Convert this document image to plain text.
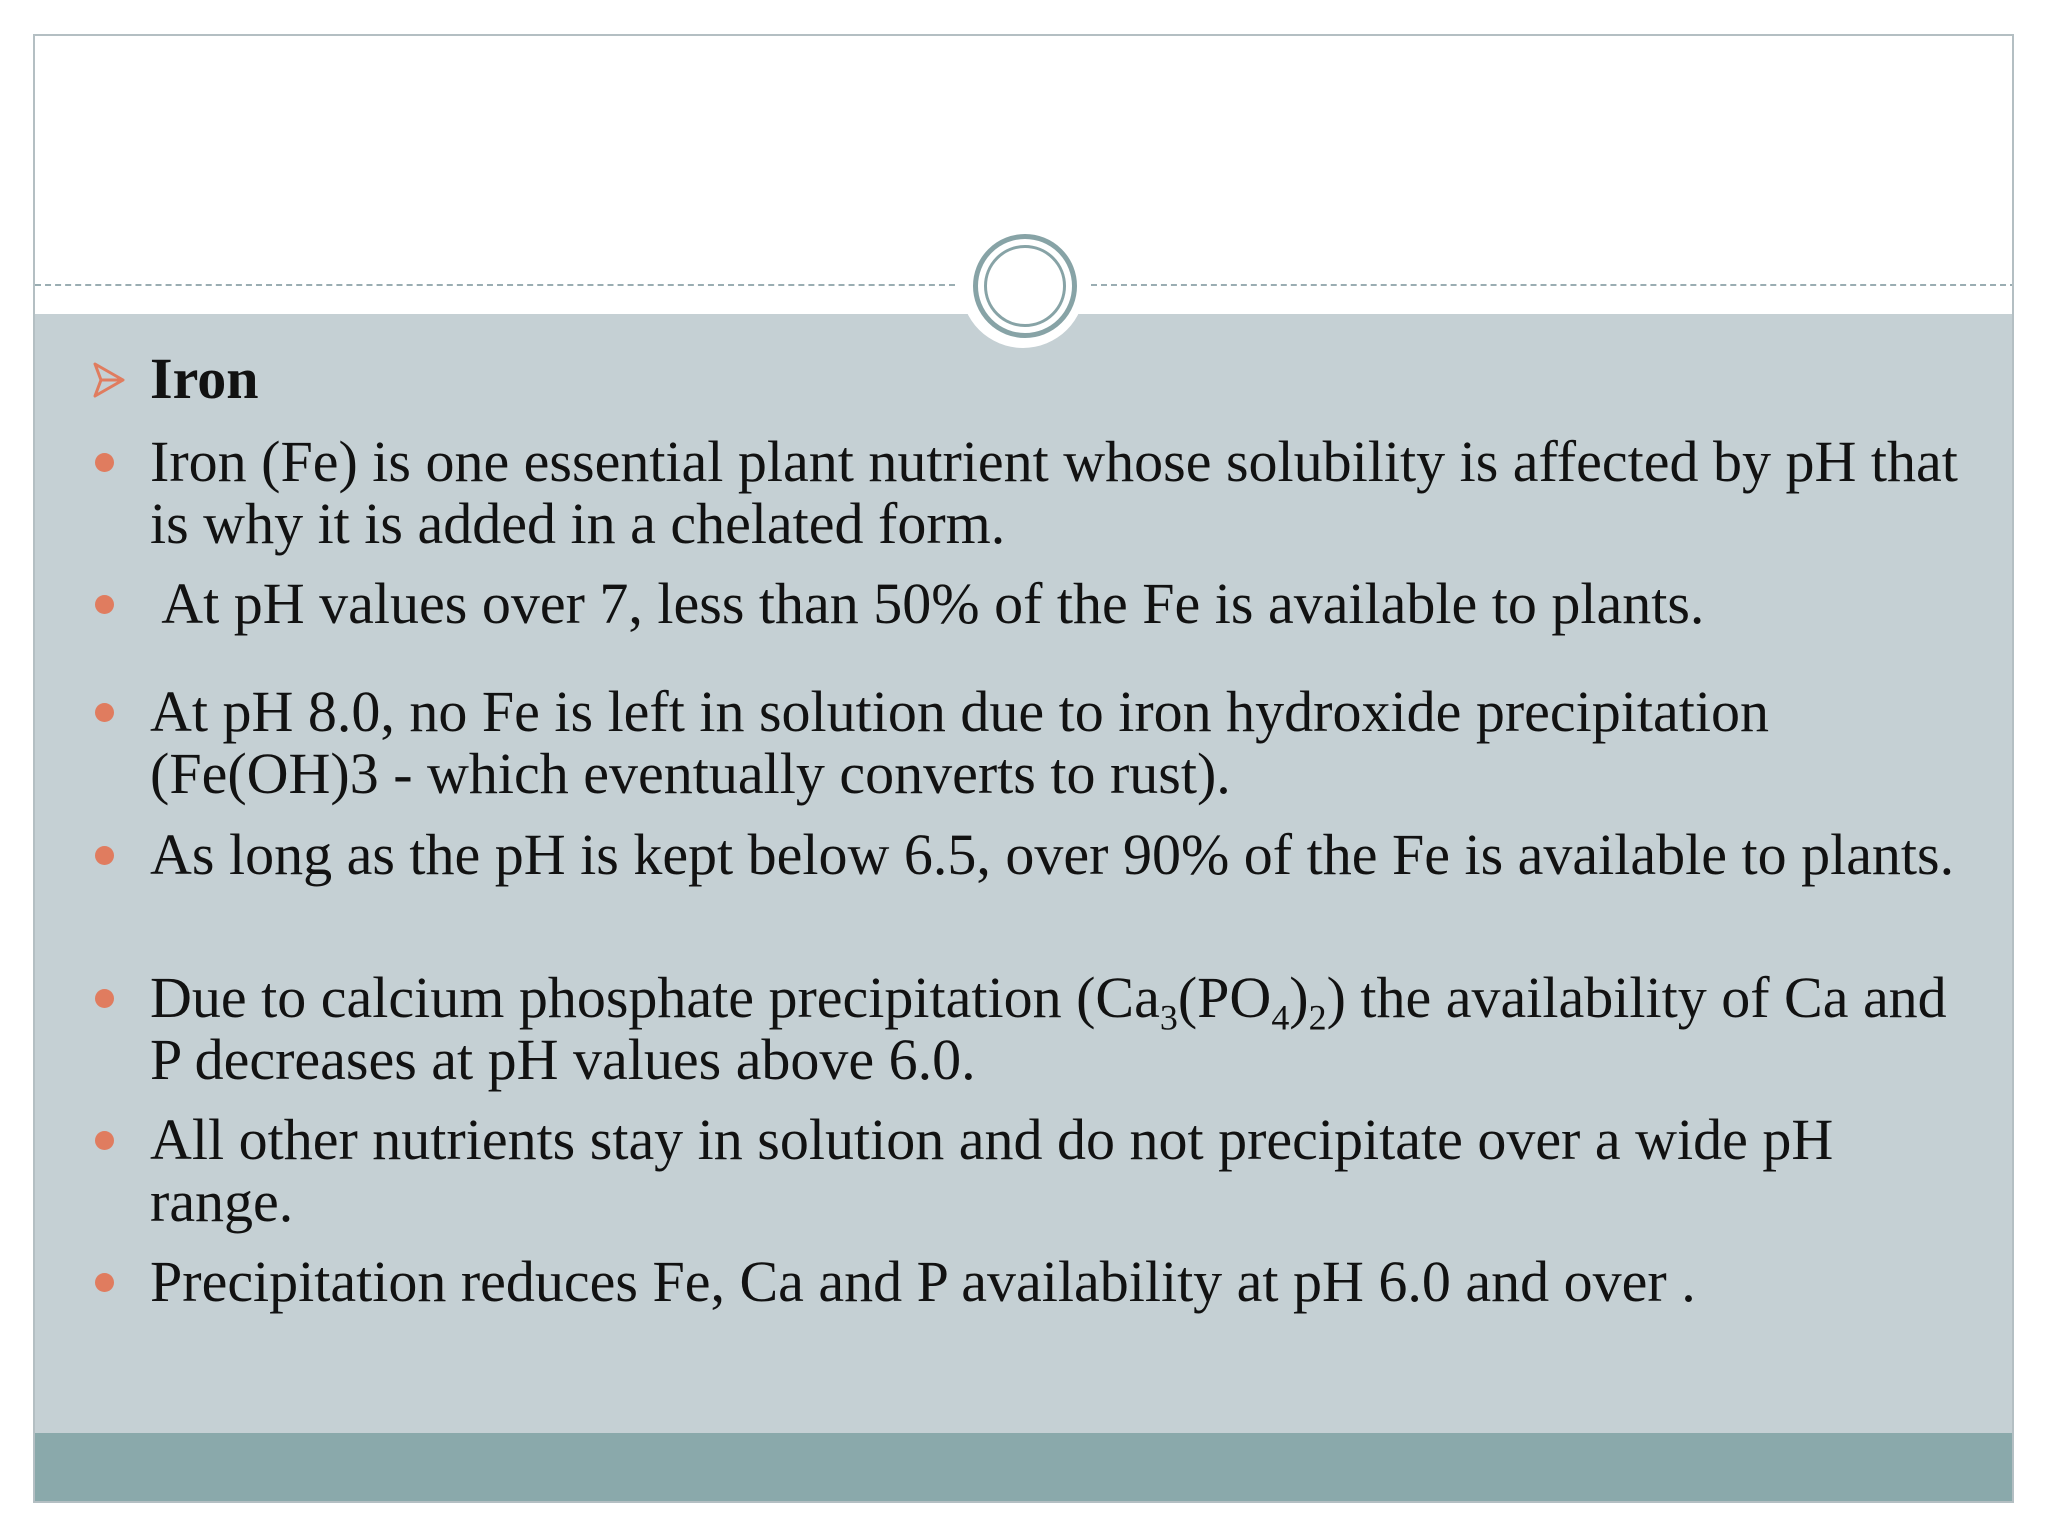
Iron
Iron (Fe) is one essential plant nutrient whose solubility is affected by pH that is why it is added in a chelated form.
At pH values over 7, less than 50% of the Fe is available to plants.
At pH 8.0, no Fe is left in solution due to iron hydroxide precipitation (Fe(OH)3 - which eventually converts to rust).
As long as the pH is kept below 6.5, over 90% of the Fe is available to plants.
Due to calcium phosphate precipitation $(Ca_3(PO_4)_2)$ the availability of Ca and P decreases at pH values above 6.0.
All other nutrients stay in solution and do not precipitate over a wide pH range.
Precipitation reduces Fe, Ca and P availability at pH 6.0 and over .
